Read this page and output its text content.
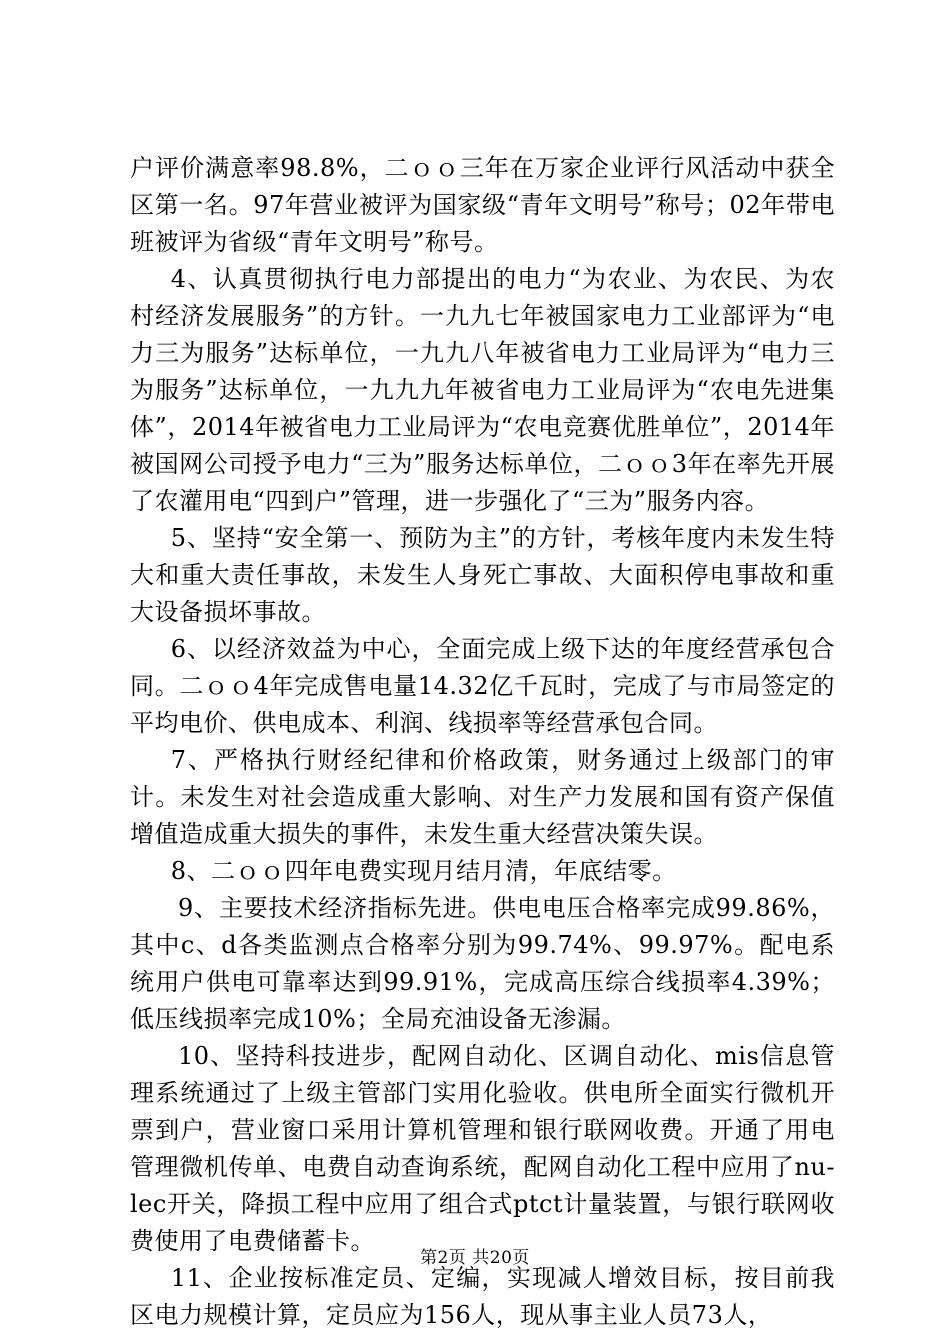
户评价满意率98.8%，二ｏｏ三年在万家企业评行风活动中获全区第一名。97年营业被评为国家级“青年文明号”称号；02年带电班被评为省级“青年文明号”称号。

4、认真贯彻执行电力部提出的电力“为农业、为农民、为农村经济发展服务”的方针。一九九七年被国家电力工业部评为“电力三为服务”达标单位，一九九八年被省电力工业局评为“电力三为服务”达标单位，一九九九年被省电力工业局评为“农电先进集体”，2014年被省电力工业局评为“农电竞赛优胜单位”，2014年被国网公司授予电力“三为”服务达标单位，二ｏｏ3年在率先开展了农灌用电“四到户”管理，进一步强化了“三为”服务内容。

5、坚持“安全第一、预防为主”的方针，考核年度内未发生特大和重大责任事故，未发生人身死亡事故、大面积停电事故和重大设备损坏事故。

6、以经济效益为中心，全面完成上级下达的年度经营承包合同。二ｏｏ4年完成售电量14.32亿千瓦时，完成了与市局签定的平均电价、供电成本、利润、线损率等经营承包合同。

7、严格执行财经纪律和价格政策，财务通过上级部门的审计。未发生对社会造成重大影响、对生产力发展和国有资产保值增值造成重大损失的事件，未发生重大经营决策失误。

8、二ｏｏ四年电费实现月结月清，年底结零。

9、主要技术经济指标先进。供电电压合格率完成99.86%，其中c、d各类监测点合格率分别为99.74%、99.97%。配电系统用户供电可靠率达到99.91%，完成高压综合线损率4.39%；低压线损率完成10%；全局充油设备无渗漏。

10、坚持科技进步，配网自动化、区调自动化、mis信息管理系统通过了上级主管部门实用化验收。供电所全面实行微机开票到户，营业窗口采用计算机管理和银行联网收费。开通了用电管理微机传单、电费自动查询系统，配网自动化工程中应用了nu-lec开关，降损工程中应用了组合式ptct计量装置，与银行联网收费使用了电费储蓄卡。

11、企业按标准定员、定编，实现减人增效目标，按目前我区电力规模计算，定员应为156人，现从事主业人员73人，

第2页 共20页
